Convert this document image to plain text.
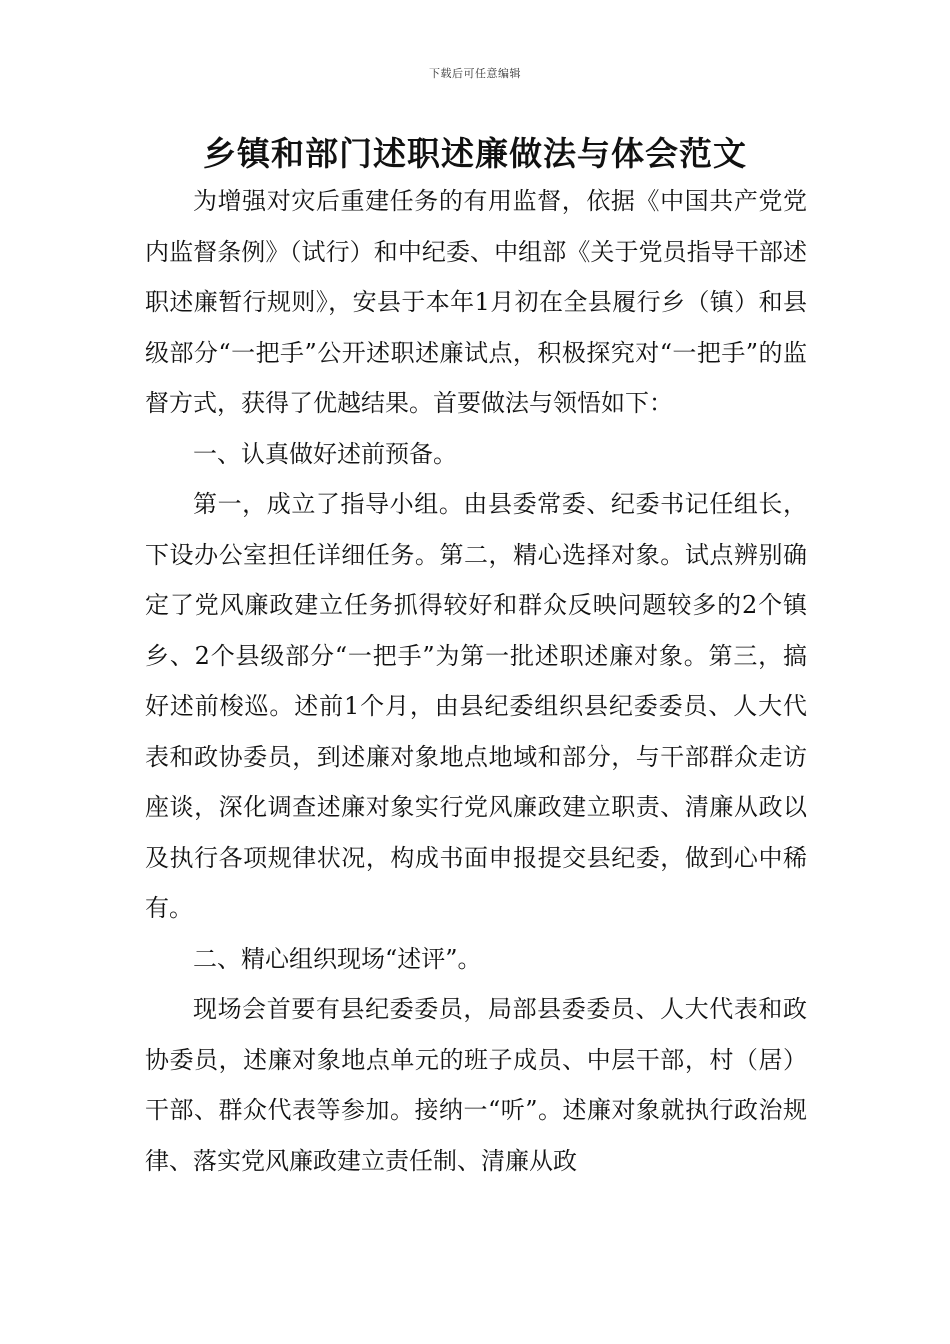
下载后可任意编辑
乡镇和部门述职述廉做法与体会范文

为增强对灾后重建任务的有用监督，依据《中国共产党党内监督条例》（试行）和中纪委、中组部《关于党员指导干部述职述廉暂行规则》，安县于本年1月初在全县履行乡（镇）和县级部分“一把手”公开述职述廉试点，积极探究对“一把手”的监督方式，获得了优越结果。首要做法与领悟如下：

一、认真做好述前预备。

第一，成立了指导小组。由县委常委、纪委书记任组长，下设办公室担任详细任务。第二，精心选择对象。试点辨别确定了党风廉政建立任务抓得较好和群众反映问题较多的2个镇乡、2个县级部分“一把手”为第一批述职述廉对象。第三，搞好述前梭巡。述前1个月，由县纪委组织县纪委委员、人大代表和政协委员，到述廉对象地点地域和部分，与干部群众走访座谈，深化调查述廉对象实行党风廉政建立职责、清廉从政以及执行各项规律状况，构成书面申报提交县纪委，做到心中稀有。

二、精心组织现场“述评”。

现场会首要有县纪委委员，局部县委委员、人大代表和政协委员，述廉对象地点单元的班子成员、中层干部，村（居）干部、群众代表等参加。接纳一“听”。述廉对象就执行政治规律、落实党风廉政建立责任制、清廉从政
